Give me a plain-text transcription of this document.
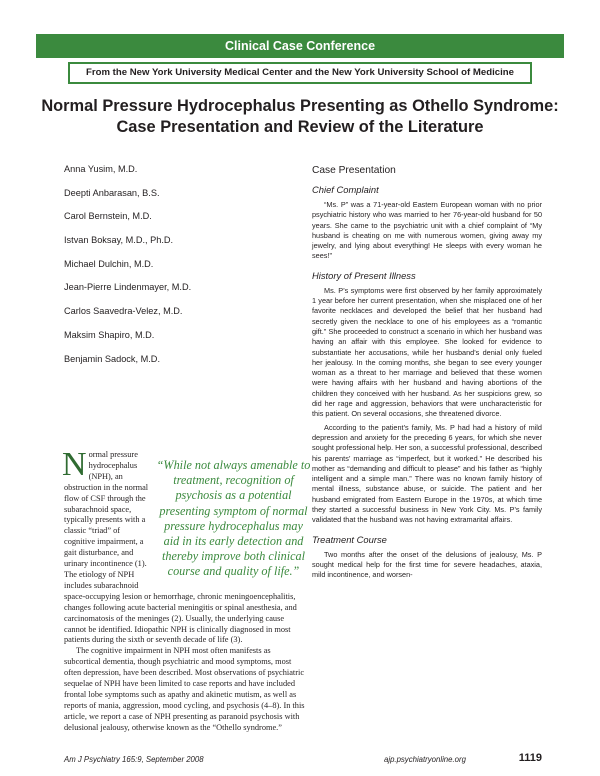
Clinical Case Conference
From the New York University Medical Center and the New York University School of Medicine
Normal Pressure Hydrocephalus Presenting as Othello Syndrome: Case Presentation and Review of the Literature
Anna Yusim, M.D.
Deepti Anbarasan, B.S.
Carol Bernstein, M.D.
Istvan Boksay, M.D., Ph.D.
Michael Dulchin, M.D.
Jean-Pierre Lindenmayer, M.D.
Carlos Saavedra-Velez, M.D.
Maksim Shapiro, M.D.
Benjamin Sadock, M.D.
“While not always amenable to treatment, recognition of psychosis as a potential presenting symptom of normal pressure hydrocephalus may aid in its early detection and thereby improve both clinical course and quality of life.”

Normal pressure hydrocephalus (NPH), an obstruction in the normal flow of CSF through the subarachnoid space, typically presents with a classic “triad” of cognitive impairment, a gait disturbance, and urinary incontinence (1). The etiology of NPH includes subarachnoid space-occupying lesion or hemorrhage, chronic meningoencephalitis, changes following acute bacterial meningitis or spinal anesthesia, and carcinomatosis of the meninges (2). Usually, the underlying cause cannot be identified. Idiopathic NPH is clinically diagnosed in most patients during the sixth or seventh decade of life (3).

The cognitive impairment in NPH most often manifests as subcortical dementia, though psychiatric and mood symptoms, most often depression, have been described. Most observations of psychiatric sequelae of NPH have been limited to case reports and have included frontal lobe symptoms such as apathy and akinetic mutism, as well as reports of mania, aggression, mood cycling, and psychosis (4–8). In this article, we report a case of NPH presenting as paranoid psychosis with delusional jealousy, otherwise known as the “Othello syndrome.”

Case Presentation
Chief Complaint

“Ms. P” was a 71-year-old Eastern European woman with no prior psychiatric history who was married to her 76-year-old husband for 50 years. She came to the psychiatric unit with a chief complaint of “My husband is cheating on me with numerous women, giving away my jewelry, and lying about everything! He sleeps with every woman he sees!”

History of Present Illness

Ms. P’s symptoms were first observed by her family approximately 1 year before her current presentation, when she misplaced one of her favorite necklaces and developed the belief that her husband had secretly given the necklace to one of his employees as a “romantic gift.” She proceeded to construct a scenario in which her husband was having an affair with this employee. She looked for evidence to substantiate her accusations, while her husband’s denial only fueled her jealousy. In the coming months, she began to see every younger woman as a threat to her marriage and believed that these women were having affairs with her husband and having abortions of the children they conceived with her husband. As her suspicions grew, so did her rage and aggression, behaviors that were uncharacteristic for this patient. On several occasions, she threatened divorce.

According to the patient’s family, Ms. P had had a history of mild depression and anxiety for the preceding 6 years, for which she never sought professional help. Her son, a successful professional, described his parents’ marriage as “imperfect, but it worked.” He described his mother as “demanding and difficult to please” and his father as “highly intelligent and a simple man.” There was no known family history of mental illness, substance abuse, or suicide. The patient and her husband emigrated from Eastern Europe in the 1970s, at which time they started a successful business in New York City. Ms. P’s family validated that the husband was not having extramarital affairs.

Treatment Course

Two months after the onset of the delusions of jealousy, Ms. P sought medical help for the first time for severe headaches, ataxia, mild incontinence, and worsen-

Am J Psychiatry 165:9, September 2008	ajp.psychiatryonline.org	1119
